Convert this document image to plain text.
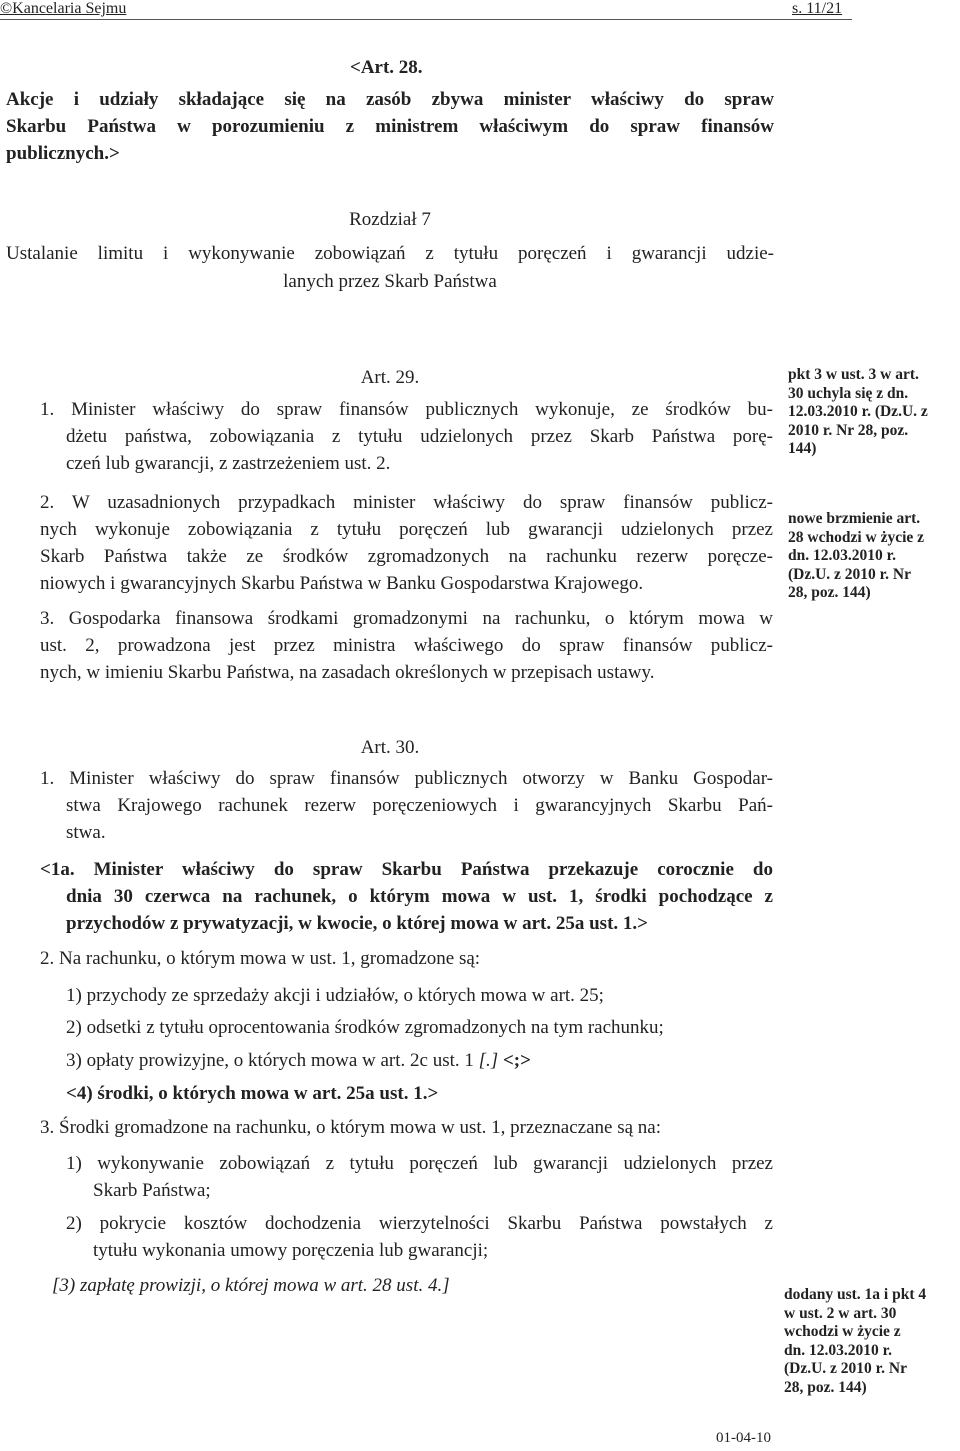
©Kancelaria Sejmu	s. 11/21
<Art. 28.
Akcje i udziały składające się na zasób zbywa minister właściwy do spraw
Skarbu Państwa w porozumieniu z ministrem właściwym do spraw finansów
publicznych.>
Rozdział 7
Ustalanie limitu i wykonywanie zobowiązań z tytułu poręczeń i gwarancji udzie-
lanych przez Skarb Państwa
Art. 29.
1. Minister właściwy do spraw finansów publicznych wykonuje, ze środków bu-
dżetu państwa, zobowiązania z tytułu udzielonych przez Skarb Państwa porę-
czeń lub gwarancji, z zastrzeżeniem ust. 2.
2. W uzasadnionych przypadkach minister właściwy do spraw finansów publicz-
nych wykonuje zobowiązania z tytułu poręczeń lub gwarancji udzielonych przez
Skarb Państwa także ze środków zgromadzonych na rachunku rezerw poręcze-
niowych i gwarancyjnych Skarbu Państwa w Banku Gospodarstwa Krajowego.
3. Gospodarka finansowa środkami gromadzonymi na rachunku, o którym mowa w
ust. 2, prowadzona jest przez ministra właściwego do spraw finansów publicz-
nych, w imieniu Skarbu Państwa, na zasadach określonych w przepisach ustawy.
pkt 3 w ust. 3 w art.
30 uchyla się z dn.
12.03.2010 r. (Dz.U. z
2010 r. Nr 28, poz.
144)
nowe brzmienie art.
28 wchodzi w życie z
dn. 12.03.2010 r.
(Dz.U. z 2010 r. Nr
28, poz. 144)
dodany ust. 1a i pkt 4
w ust. 2 w art. 30
wchodzi w życie z
dn. 12.03.2010 r.
(Dz.U. z 2010 r. Nr
28, poz. 144)
Art. 30.
1. Minister właściwy do spraw finansów publicznych otworzy w Banku Gospodar-
stwa Krajowego rachunek rezerw poręczeniowych i gwarancyjnych Skarbu Pań-
stwa.
<1a. Minister właściwy do spraw Skarbu Państwa przekazuje corocznie do
dnia 30 czerwca na rachunek, o którym mowa w ust. 1, środki pochodzące z
przychodów z prywatyzacji, w kwocie, o której mowa w art. 25a ust. 1.>
2. Na rachunku, o którym mowa w ust. 1, gromadzone są:
1) przychody ze sprzedaży akcji i udziałów, o których mowa w art. 25;
2) odsetki z tytułu oprocentowania środków zgromadzonych na tym rachunku;
3) opłaty prowizyjne, o których mowa w art. 2c ust. 1 [.] <;>
<4) środki, o których mowa w art. 25a ust. 1.>
3. Środki gromadzone na rachunku, o którym mowa w ust. 1, przeznaczane są na:
1) wykonywanie zobowiązań z tytułu poręczeń lub gwarancji udzielonych przez
Skarb Państwa;
2) pokrycie kosztów dochodzenia wierzytelności Skarbu Państwa powstałych z
tytułu wykonania umowy poręczenia lub gwarancji;
[3) zapłatę prowizji, o której mowa w art. 28 ust. 4.]
01-04-10
